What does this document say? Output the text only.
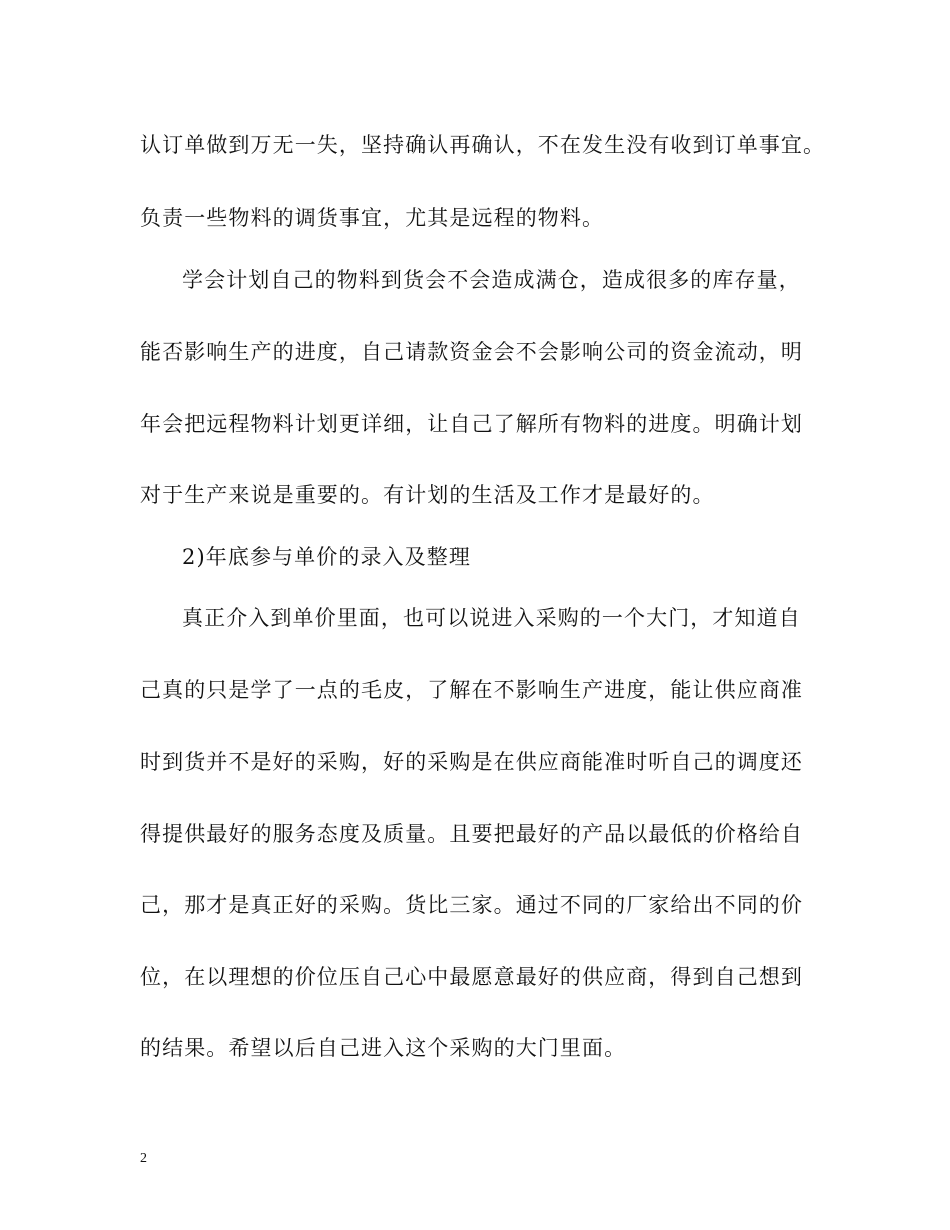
认订单做到万无一失，坚持确认再确认，不在发生没有收到订单事宜。
负责一些物料的调货事宜，尤其是远程的物料。
学会计划自己的物料到货会不会造成满仓，造成很多的库存量，
能否影响生产的进度，自己请款资金会不会影响公司的资金流动，明
年会把远程物料计划更详细，让自己了解所有物料的进度。明确计划
对于生产来说是重要的。有计划的生活及工作才是最好的。
2)年底参与单价的录入及整理
真正介入到单价里面，也可以说进入采购的一个大门，才知道自
己真的只是学了一点的毛皮，了解在不影响生产进度，能让供应商准
时到货并不是好的采购，好的采购是在供应商能准时听自己的调度还
得提供最好的服务态度及质量。且要把最好的产品以最低的价格给自
己，那才是真正好的采购。货比三家。通过不同的厂家给出不同的价
位，在以理想的价位压自己心中最愿意最好的供应商，得到自己想到
的结果。希望以后自己进入这个采购的大门里面。
2
